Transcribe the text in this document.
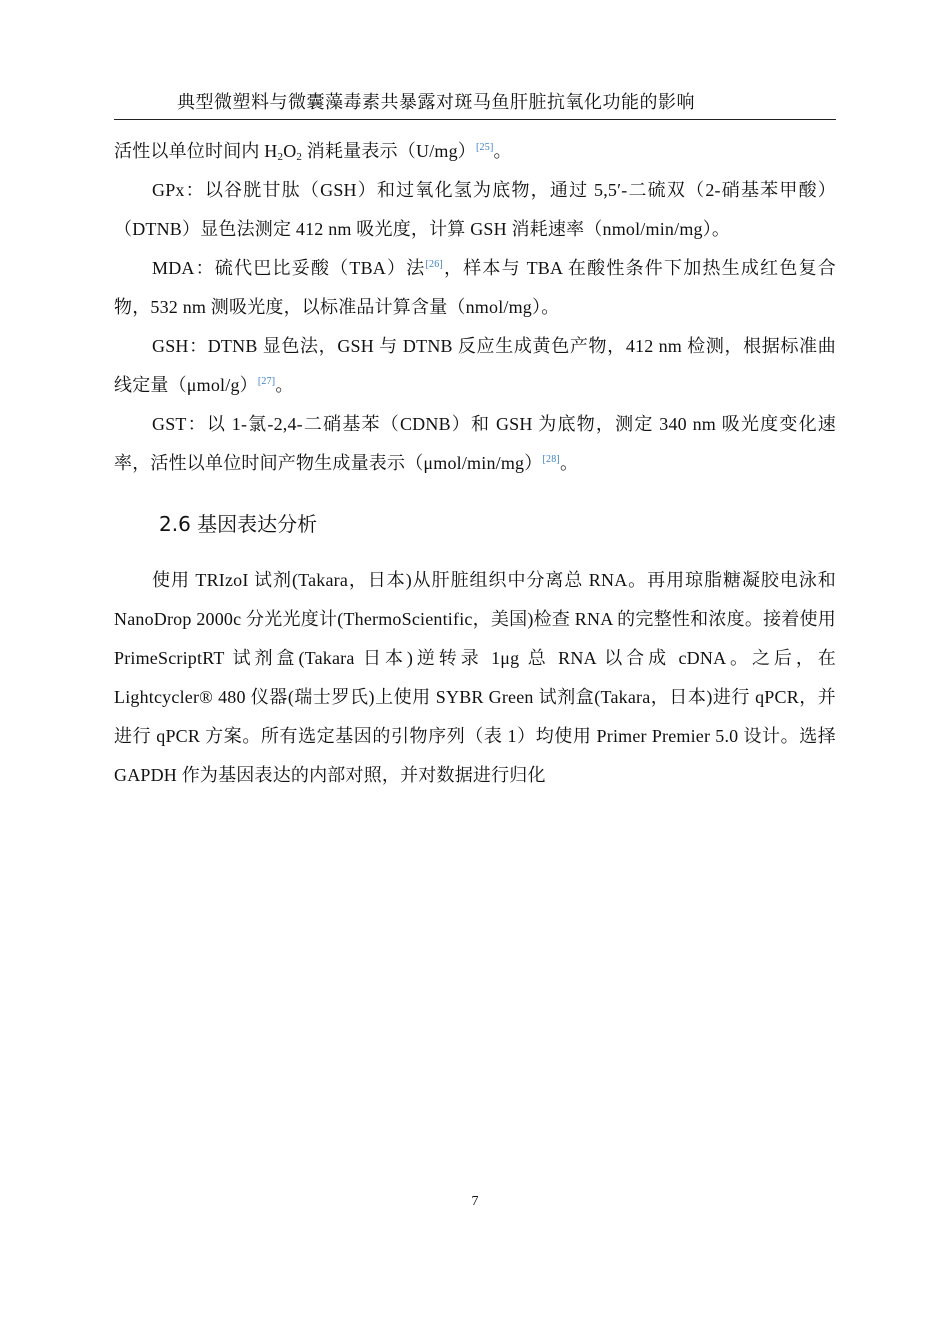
典型微塑料与微囊藻毒素共暴露对斑马鱼肝脏抗氧化功能的影响

活性以单位时间内 $H_2O_2$ 消耗量表示（U/mg）[25]。

GPx：以谷胱甘肽（GSH）和过氧化氢为底物，通过 5,5′-二硫双（2-硝基苯甲酸）（DTNB）显色法测定 412 nm 吸光度，计算 GSH 消耗速率（nmol/min/mg）。

MDA：硫代巴比妥酸（TBA）法[26]，样本与 TBA 在酸性条件下加热生成红色复合物，532 nm 测吸光度，以标准品计算含量（nmol/mg）。

GSH：DTNB 显色法，GSH 与 DTNB 反应生成黄色产物，412 nm 检测，根据标准曲线定量（μmol/g）[27]。

GST：以 1-氯-2,4-二硝基苯（CDNB）和 GSH 为底物，测定 340 nm 吸光度变化速率，活性以单位时间产物生成量表示（μmol/min/mg）[28]。

2.6 基因表达分析

使用 TRIzoI 试剂(Takara，日本)从肝脏组织中分离总 RNA。再用琼脂糖凝胶电泳和 NanoDrop 2000c 分光光度计(ThermoScientific，美国)检查 RNA 的完整性和浓度。接着使用 PrimeScriptRT 试剂盒(Takara 日本)逆转录 1μg 总 RNA 以合成 cDNA。之后，在 Lightcycler® 480 仪器(瑞士罗氏)上使用 SYBR Green 试剂盒(Takara，日本)进行 qPCR，并进行 qPCR 方案。所有选定基因的引物序列（表 1）均使用 Primer Premier 5.0 设计。选择 GAPDH 作为基因表达的内部对照，并对数据进行归化

7
